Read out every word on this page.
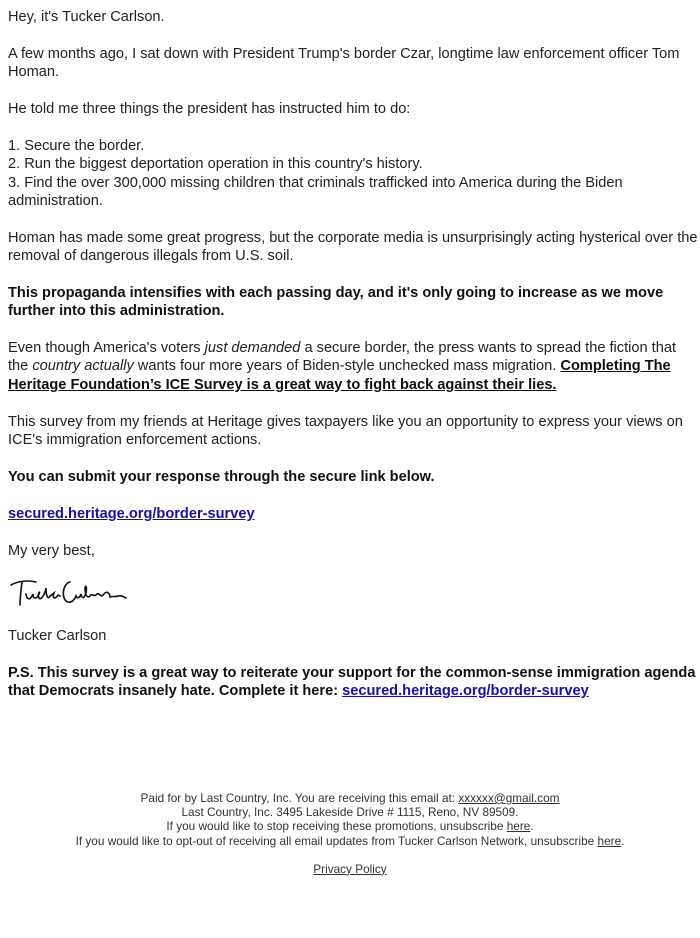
Hey, it's Tucker Carlson.

A few months ago, I sat down with President Trump's border Czar, longtime law enforcement officer Tom Homan.

He told me three things the president has instructed him to do:

1. Secure the border.
2. Run the biggest deportation operation in this country's history.
3. Find the over 300,000 missing children that criminals trafficked into America during the Biden administration.

Homan has made some great progress, but the corporate media is unsurprisingly acting hysterical over the removal of dangerous illegals from U.S. soil.

This propaganda intensifies with each passing day, and it's only going to increase as we move further into this administration.

Even though America's voters just demanded a secure border, the press wants to spread the fiction that the country actually wants four more years of Biden-style unchecked mass migration. Completing The Heritage Foundation’s ICE Survey is a great way to fight back against their lies.

This survey from my friends at Heritage gives taxpayers like you an opportunity to express your views on ICE's immigration enforcement actions.

You can submit your response through the secure link below.

secured.heritage.org/border-survey

My very best,

Tucker Carlson

P.S. This survey is a great way to reiterate your support for the common-sense immigration agenda that Democrats insanely hate. Complete it here: secured.heritage.org/border-survey

Paid for by Last Country, Inc. You are receiving this email at: xxxxxx@gmail.com
Last Country, Inc. 3495 Lakeside Drive # 1115, Reno, NV 89509.
If you would like to stop receiving these promotions, unsubscribe here.
If you would like to opt-out of receiving all email updates from Tucker Carlson Network, unsubscribe here.
Privacy Policy
